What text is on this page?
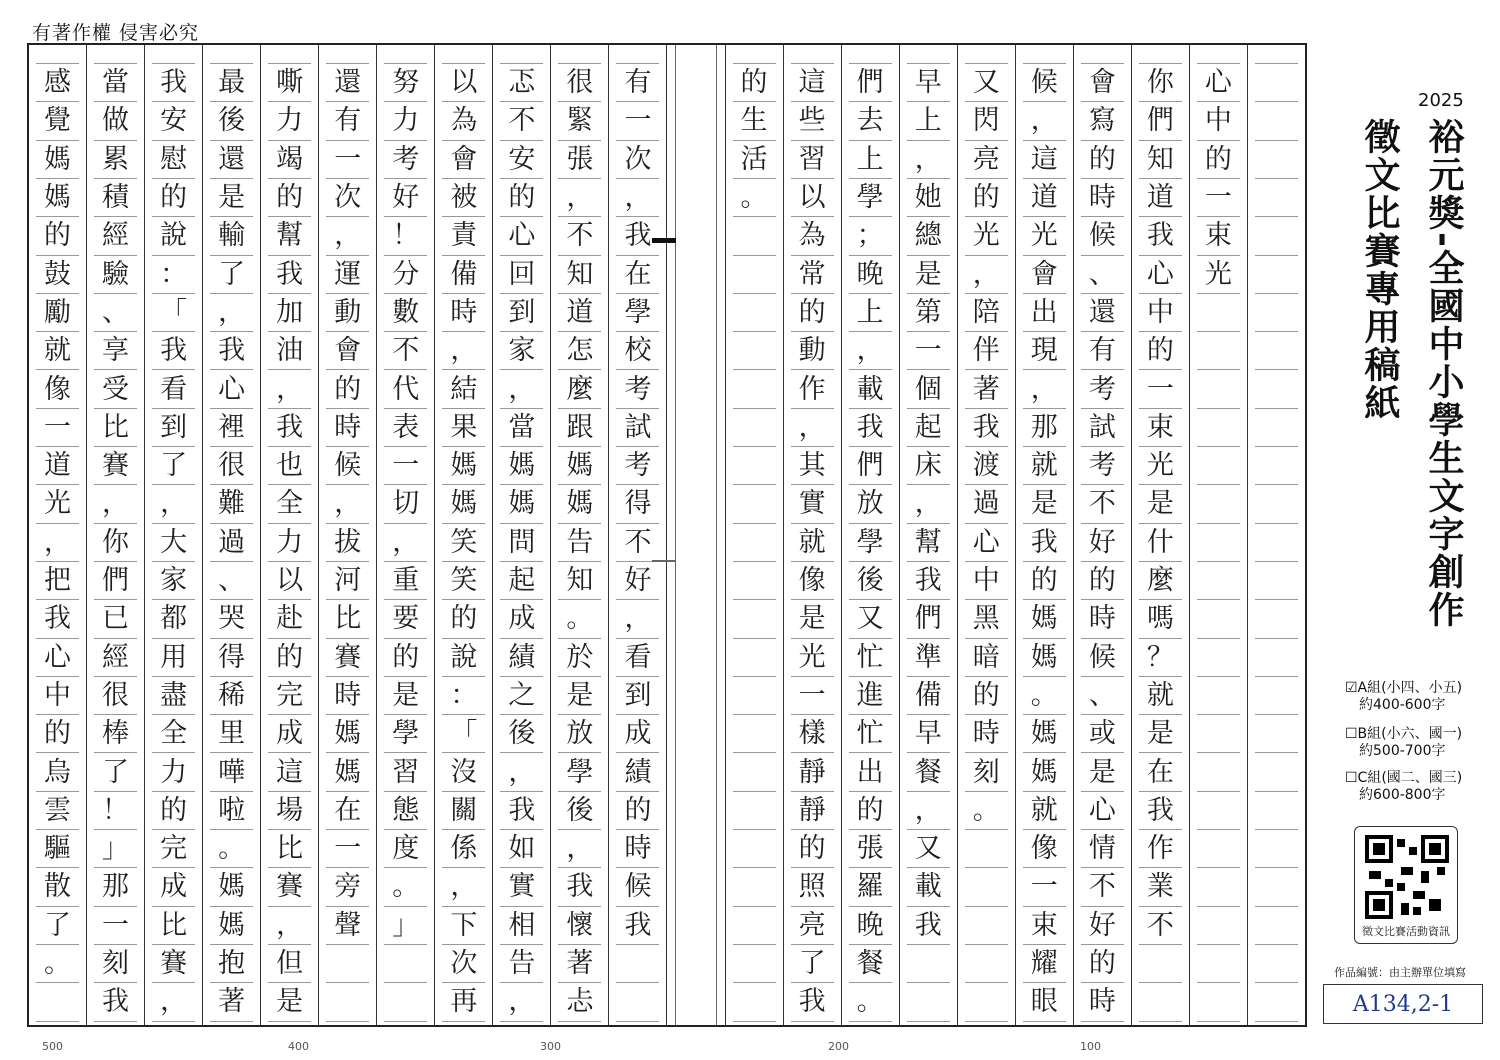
有著作權 侵害必究
心
中
的
一
束
光
你
們
知
道
我
心
中
的
一
束
光
是
什
麼
嗎
？
就
是
在
我
作
業
不
會
寫
的
時
候
、
還
有
考
試
考
不
好
的
時
候
、
或
是
心
情
不
好
的
時
候
，
這
道
光
會
出
現
，
那
就
是
我
的
媽
媽
。
媽
媽
就
像
一
束
耀
眼
又
閃
亮
的
光
，
陪
伴
著
我
渡
過
心
中
黑
暗
的
時
刻
。
早
上
，
她
總
是
第
一
個
起
床
，
幫
我
們
準
備
早
餐
，
又
載
我
們
去
上
學
；
晚
上
，
載
我
們
放
學
後
又
忙
進
忙
出
的
張
羅
晚
餐
。
這
些
習
以
為
常
的
動
作
，
其
實
就
像
是
光
一
樣
靜
靜
的
照
亮
了
我
的
生
活
。
有
一
次
，
我
在
學
校
考
試
考
得
不
好
，
看
到
成
績
的
時
候
我
很
緊
張
，
不
知
道
怎
麼
跟
媽
媽
告
知
。
於
是
放
學
後
，
我
懷
著
忐
忑
不
安
的
心
回
到
家
，
當
媽
媽
問
起
成
績
之
後
，
我
如
實
相
告
，
以
為
會
被
責
備
時
，
結
果
媽
媽
笑
笑
的
說
：
「
沒
關
係
，
下
次
再
努
力
考
好
！
分
數
不
代
表
一
切
，
重
要
的
是
學
習
態
度
。
」
還
有
一
次
，
運
動
會
的
時
候
，
拔
河
比
賽
時
媽
媽
在
一
旁
聲
嘶
力
竭
的
幫
我
加
油
，
我
也
全
力
以
赴
的
完
成
這
場
比
賽
，
但
是
最
後
還
是
輸
了
，
我
心
裡
很
難
過
、
哭
得
稀
里
嘩
啦
。
媽
媽
抱
著
我
安
慰
的
說
：
「
我
看
到
了
，
大
家
都
用
盡
全
力
的
完
成
比
賽
，
當
做
累
積
經
驗
、
享
受
比
賽
，
你
們
已
經
很
棒
了
！
」
那
一
刻
我
感
覺
媽
媽
的
鼓
勵
就
像
一
道
光
，
把
我
心
中
的
烏
雲
驅
散
了
。
500	400	300	200	100
2025
裕元獎-全國中小學生文字創作
徵文比賽專用稿紙
☑A組(小四、小五)
約400-600字
☐B組(小六、國一)
約500-700字
☐C組(國二、國三)
約600-800字
徵文比賽活動資訊
作品編號：由主辦單位填寫
A134,2-1
